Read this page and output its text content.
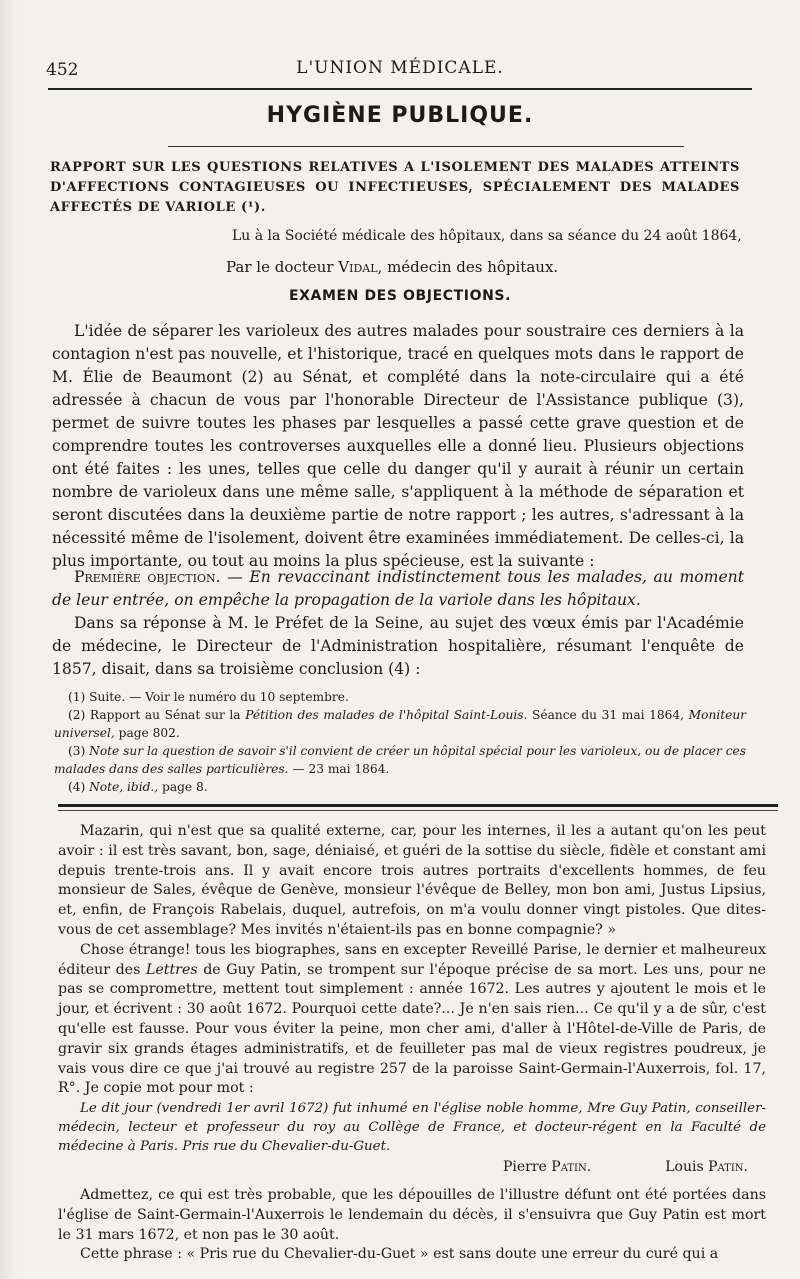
452	L'UNION MÉDICALE.
HYGIÈNE PUBLIQUE.
RAPPORT SUR LES QUESTIONS RELATIVES A L'ISOLEMENT DES MALADES ATTEINTS D'AFFECTIONS CONTAGIEUSES OU INFECTIEUSES, SPÉCIALEMENT DES MALADES AFFECTÉS DE VARIOLE (¹).
Lu à la Société médicale des hôpitaux, dans sa séance du 24 août 1864,
Par le docteur Vidal, médecin des hôpitaux.
EXAMEN DES OBJECTIONS.

L'idée de séparer les varioleux des autres malades pour soustraire ces derniers à la contagion n'est pas nouvelle, et l'historique, tracé en quelques mots dans le rapport de M. Élie de Beaumont (2) au Sénat, et complété dans la note-circulaire qui a été adressée à chacun de vous par l'honorable Directeur de l'Assistance publique (3), permet de suivre toutes les phases par lesquelles a passé cette grave question et de comprendre toutes les controverses auxquelles elle a donné lieu. Plusieurs objections ont été faites : les unes, telles que celle du danger qu'il y aurait à réunir un certain nombre de varioleux dans une même salle, s'appliquent à la méthode de séparation et seront discutées dans la deuxième partie de notre rapport ; les autres, s'adressant à la nécessité même de l'isolement, doivent être examinées immédiatement. De celles-ci, la plus importante, ou tout au moins la plus spécieuse, est la suivante :

Première objection. — En revaccinant indistinctement tous les malades, au moment de leur entrée, on empêche la propagation de la variole dans les hôpitaux.

Dans sa réponse à M. le Préfet de la Seine, au sujet des vœux émis par l'Académie de médecine, le Directeur de l'Administration hospitalière, résumant l'enquête de 1857, disait, dans sa troisième conclusion (4) :

(1) Suite. — Voir le numéro du 10 septembre.

(2) Rapport au Sénat sur la Pétition des malades de l'hôpital Saint-Louis. Séance du 31 mai 1864, Moniteur universel, page 802.

(3) Note sur la question de savoir s'il convient de créer un hôpital spécial pour les varioleux, ou de placer ces malades dans des salles particulières. — 23 mai 1864.

(4) Note, ibid., page 8.

Mazarin, qui n'est que sa qualité externe, car, pour les internes, il les a autant qu'on les peut avoir : il est très savant, bon, sage, déniaisé, et guéri de la sottise du siècle, fidèle et constant ami depuis trente-trois ans. Il y avait encore trois autres portraits d'excellents hommes, de feu monsieur de Sales, évêque de Genève, monsieur l'évêque de Belley, mon bon ami, Justus Lipsius, et, enfin, de François Rabelais, duquel, autrefois, on m'a voulu donner vingt pistoles. Que dites-vous de cet assemblage? Mes invités n'étaient-ils pas en bonne compagnie? »

Chose étrange! tous les biographes, sans en excepter Reveillé Parise, le dernier et malheureux éditeur des Lettres de Guy Patin, se trompent sur l'époque précise de sa mort. Les uns, pour ne pas se compromettre, mettent tout simplement : année 1672. Les autres y ajoutent le mois et le jour, et écrivent : 30 août 1672. Pourquoi cette date?... Je n'en sais rien... Ce qu'il y a de sûr, c'est qu'elle est fausse. Pour vous éviter la peine, mon cher ami, d'aller à l'Hôtel-de-Ville de Paris, de gravir six grands étages administratifs, et de feuilleter pas mal de vieux registres poudreux, je vais vous dire ce que j'ai trouvé au registre 257 de la paroisse Saint-Germain-l'Auxerrois, fol. 17, R°. Je copie mot pour mot :

Le dit jour (vendredi 1er avril 1672) fut inhumé en l'église noble homme, Mre Guy Patin, conseiller-médecin, lecteur et professeur du roy au Collège de France, et docteur-régent en la Faculté de médecine à Paris. Pris rue du Chevalier-du-Guet.

Pierre Patin.	Louis Patin.

Admettez, ce qui est très probable, que les dépouilles de l'illustre défunt ont été portées dans l'église de Saint-Germain-l'Auxerrois le lendemain du décès, il s'ensuivra que Guy Patin est mort le 31 mars 1672, et non pas le 30 août.

Cette phrase : « Pris rue du Chevalier-du-Guet » est sans doute une erreur du curé qui a
